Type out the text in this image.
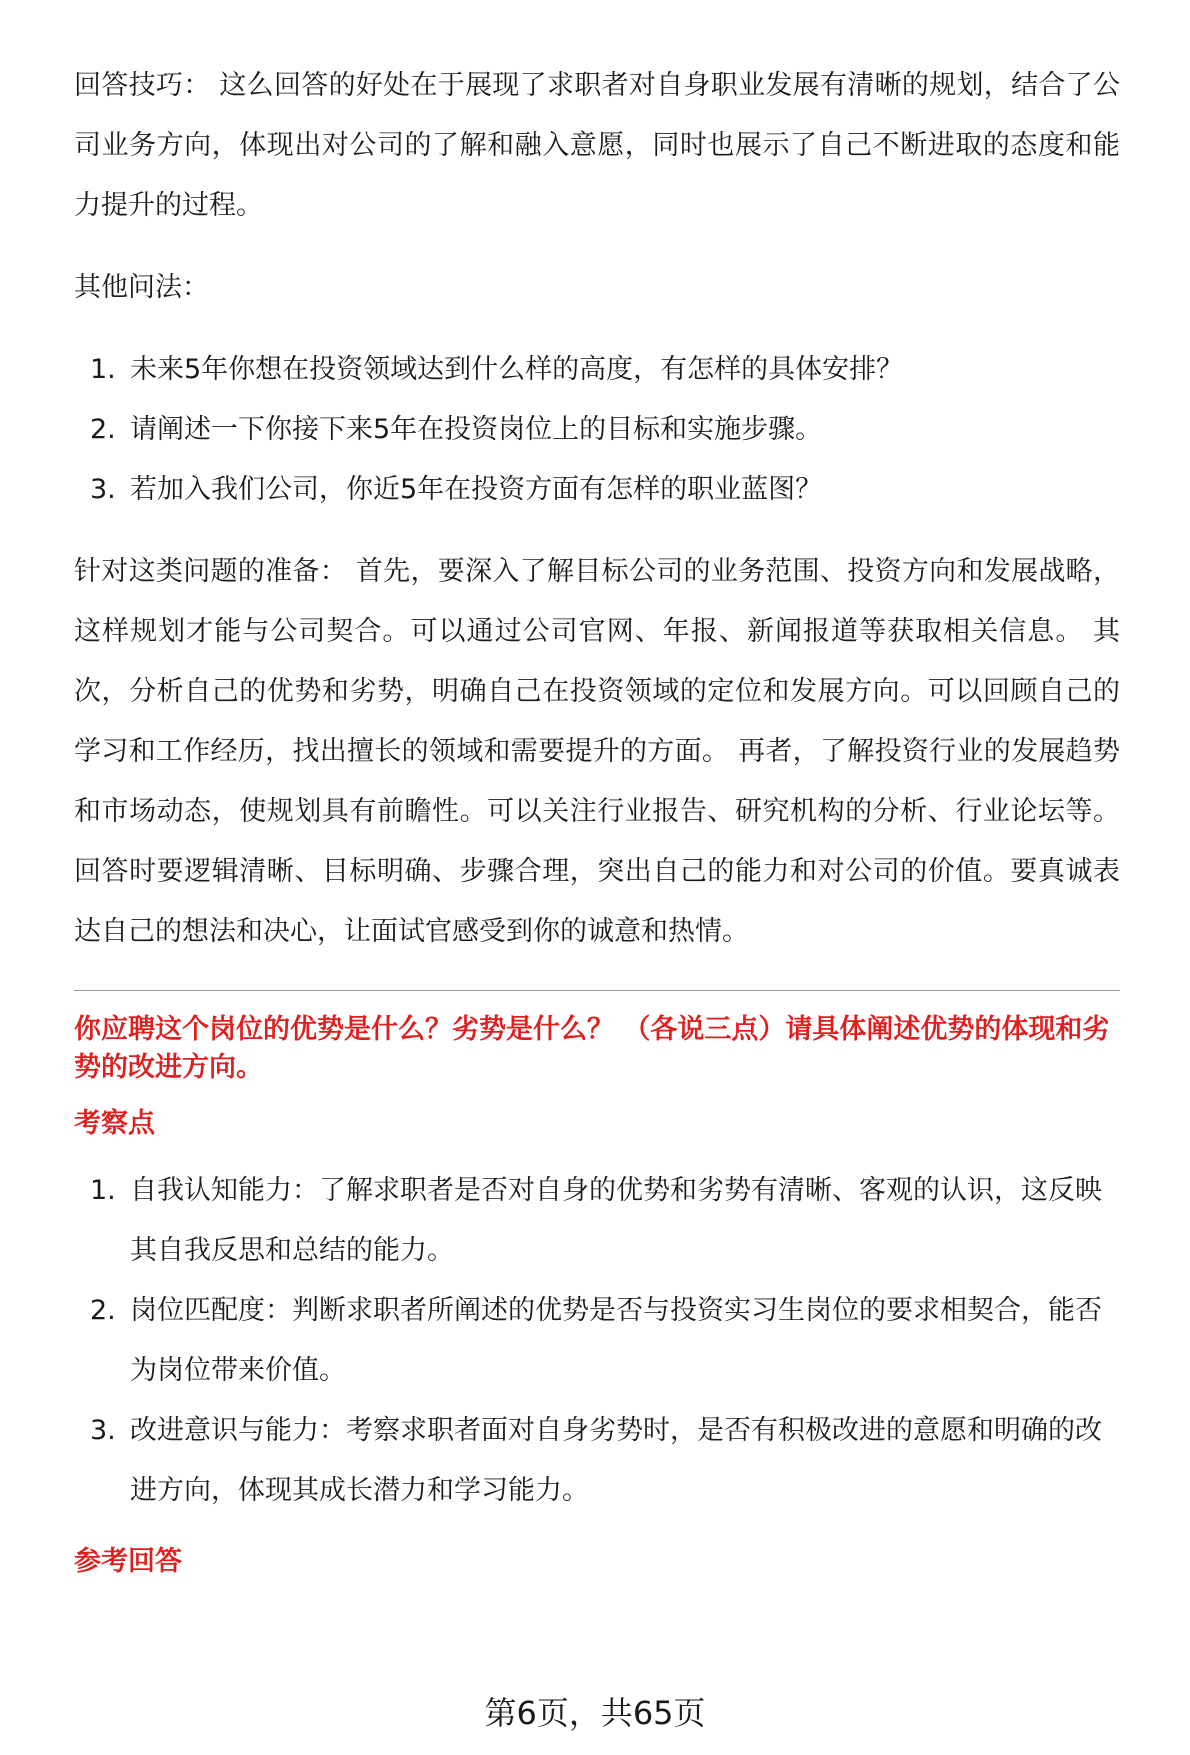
回答技巧： 这么回答的好处在于展现了求职者对自身职业发展有清晰的规划，结合了公司业务方向，体现出对公司的了解和融入意愿，同时也展示了自己不断进取的态度和能力提升的过程。

其他问法：

1. 未来5年你想在投资领域达到什么样的高度，有怎样的具体安排？
2. 请阐述一下你接下来5年在投资岗位上的目标和实施步骤。
3. 若加入我们公司，你近5年在投资方面有怎样的职业蓝图？

针对这类问题的准备： 首先，要深入了解目标公司的业务范围、投资方向和发展战略，这样规划才能与公司契合。可以通过公司官网、年报、新闻报道等获取相关信息。 其次，分析自己的优势和劣势，明确自己在投资领域的定位和发展方向。可以回顾自己的学习和工作经历，找出擅长的领域和需要提升的方面。 再者，了解投资行业的发展趋势和市场动态，使规划具有前瞻性。可以关注行业报告、研究机构的分析、行业论坛等。 回答时要逻辑清晰、目标明确、步骤合理，突出自己的能力和对公司的价值。要真诚表达自己的想法和决心，让面试官感受到你的诚意和热情。

你应聘这个岗位的优势是什么？劣势是什么？ （各说三点）请具体阐述优势的体现和劣势的改进方向。

考察点

1. 自我认知能力：了解求职者是否对自身的优势和劣势有清晰、客观的认识，这反映其自我反思和总结的能力。
2. 岗位匹配度：判断求职者所阐述的优势是否与投资实习生岗位的要求相契合，能否为岗位带来价值。
3. 改进意识与能力：考察求职者面对自身劣势时，是否有积极改进的意愿和明确的改进方向，体现其成长潜力和学习能力。

参考回答

第6页，共65页
